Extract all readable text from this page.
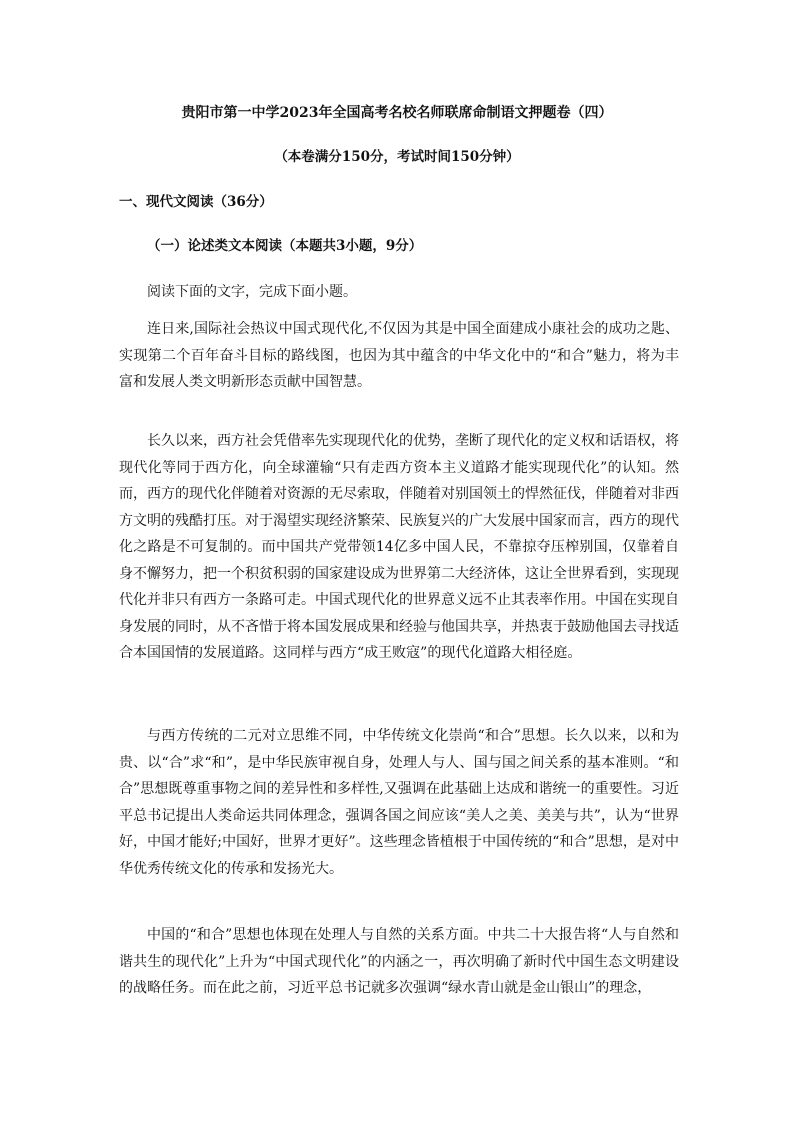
贵阳市第一中学2023年全国高考名校名师联席命制语文押题卷（四）
（本卷满分150分，考试时间150分钟）
一、现代文阅读（36分）
（一）论述类文本阅读（本题共3小题，9分）
阅读下面的文字，完成下面小题。

连日来,国际社会热议中国式现代化,不仅因为其是中国全面建成小康社会的成功之匙、实现第二个百年奋斗目标的路线图，也因为其中蕴含的中华文化中的“和合”魅力，将为丰富和发展人类文明新形态贡献中国智慧。

长久以来，西方社会凭借率先实现现代化的优势，垄断了现代化的定义权和话语权，将现代化等同于西方化，向全球灌输“只有走西方资本主义道路才能实现现代化”的认知。然而，西方的现代化伴随着对资源的无尽索取，伴随着对别国领土的悍然征伐，伴随着对非西方文明的残酷打压。对于渴望实现经济繁荣、民族复兴的广大发展中国家而言，西方的现代化之路是不可复制的。而中国共产党带领14亿多中国人民，不靠掠夺压榨别国，仅靠着自身不懈努力，把一个积贫积弱的国家建设成为世界第二大经济体，这让全世界看到，实现现代化并非只有西方一条路可走。中国式现代化的世界意义远不止其表率作用。中国在实现自身发展的同时，从不吝惜于将本国发展成果和经验与他国共享，并热衷于鼓励他国去寻找适合本国国情的发展道路。这同样与西方“成王败寇”的现代化道路大相径庭。

与西方传统的二元对立思维不同，中华传统文化崇尚“和合”思想。长久以来，以和为贵、以“合”求“和”，是中华民族审视自身，处理人与人、国与国之间关系的基本准则。“和合”思想既尊重事物之间的差异性和多样性,又强调在此基础上达成和谐统一的重要性。习近平总书记提出人类命运共同体理念，强调各国之间应该“美人之美、美美与共”，认为“世界好，中国才能好;中国好，世界才更好”。这些理念皆植根于中国传统的“和合”思想，是对中华优秀传统文化的传承和发扬光大。

中国的“和合”思想也体现在处理人与自然的关系方面。中共二十大报告将“人与自然和谐共生的现代化”上升为“中国式现代化”的内涵之一，再次明确了新时代中国生态文明建设的战略任务。而在此之前，习近平总书记就多次强调“绿水青山就是金山银山”的理念，
